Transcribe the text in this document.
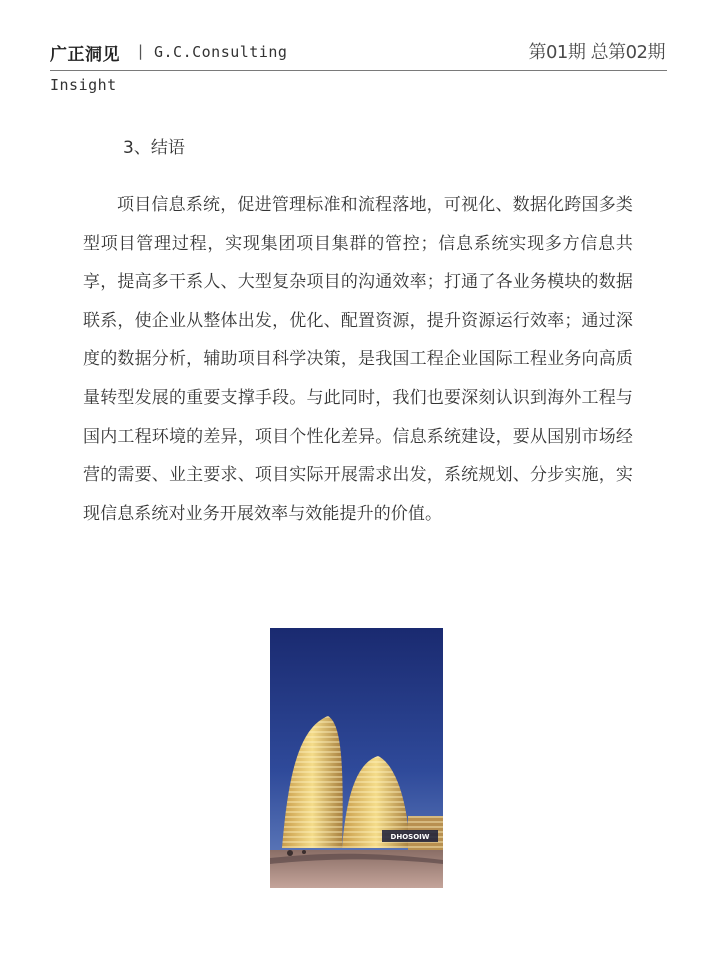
广正洞见 | G.C.Consulting	第01期 总第02期
Insight
3、结语

项目信息系统，促进管理标准和流程落地，可视化、数据化跨国多类型项目管理过程，实现集团项目集群的管控；信息系统实现多方信息共享，提高多干系人、大型复杂项目的沟通效率；打通了各业务模块的数据联系，使企业从整体出发，优化、配置资源，提升资源运行效率；通过深度的数据分析，辅助项目科学决策，是我国工程企业国际工程业务向高质量转型发展的重要支撑手段。与此同时，我们也要深刻认识到海外工程与国内工程环境的差异，项目个性化差异。信息系统建设，要从国别市场经营的需要、业主要求、项目实际开展需求出发，系统规划、分步实施，实现信息系统对业务开展效率与效能提升的价值。

DHOSOIW
